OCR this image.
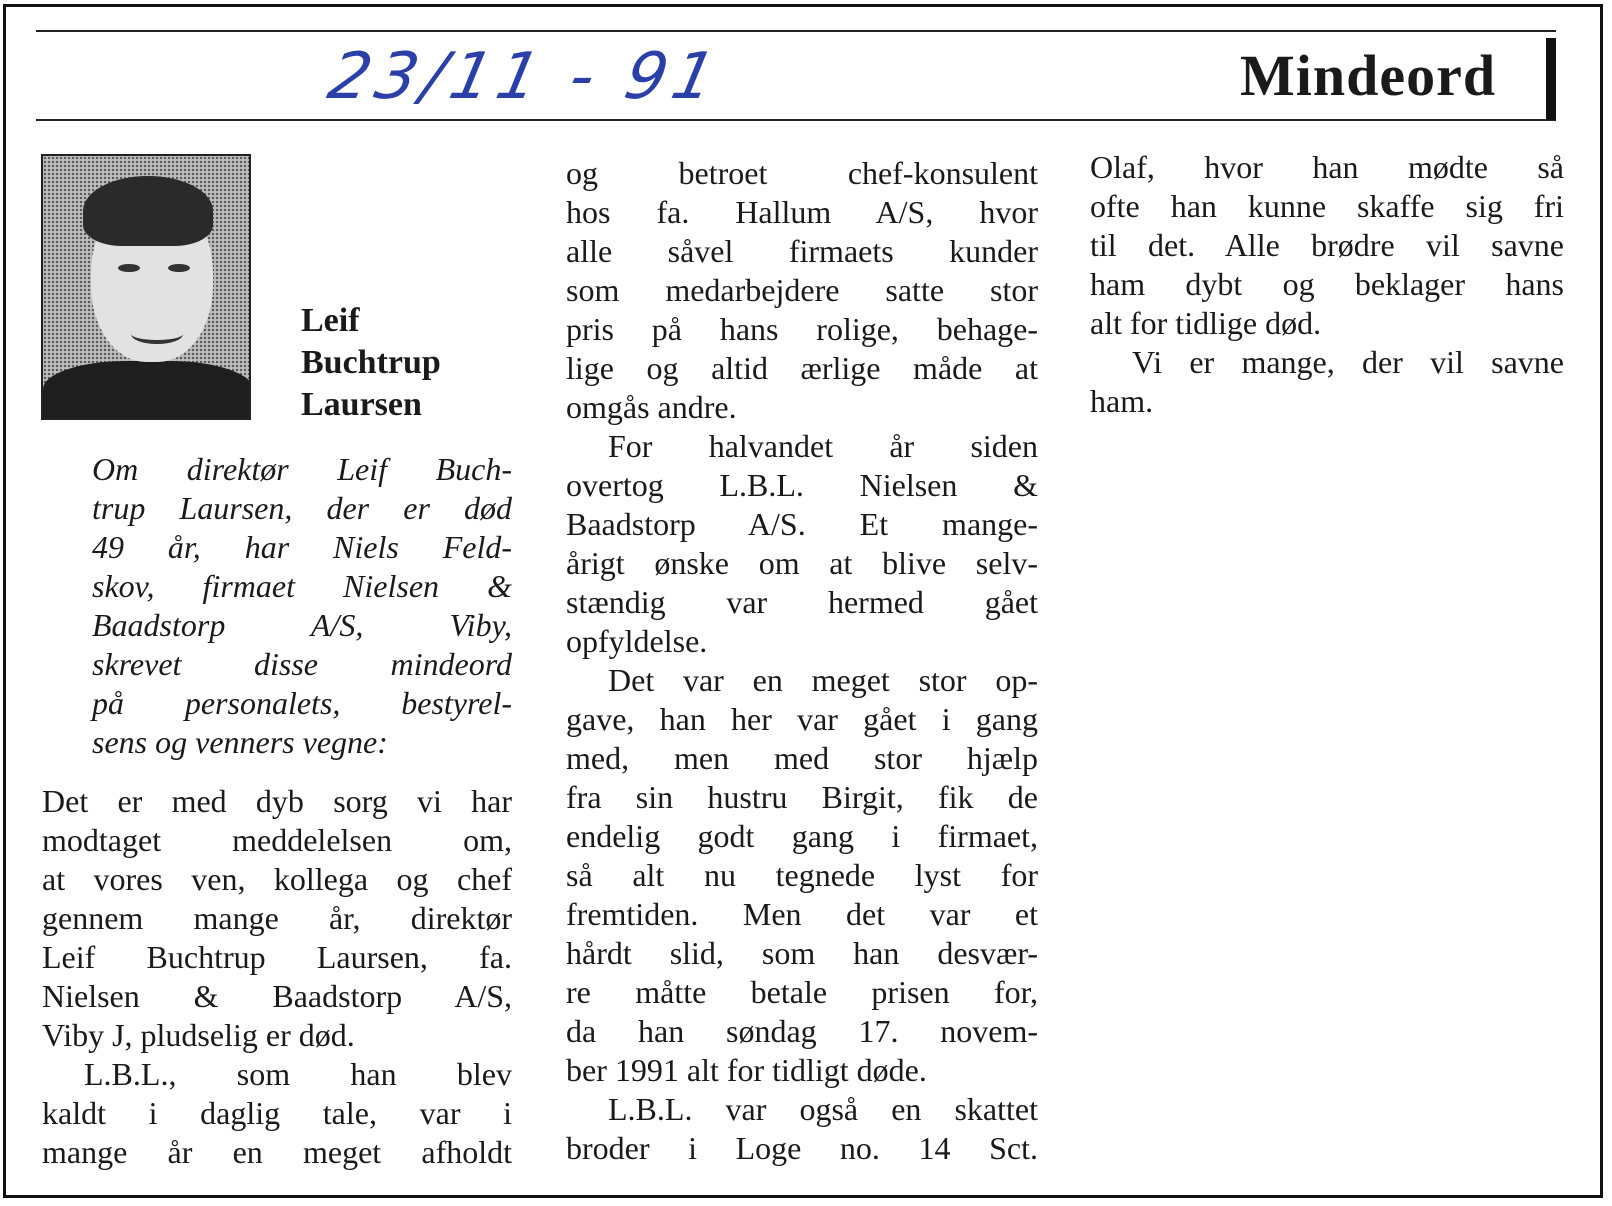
23/11 - 91	Mindeord
Leif
Buchtrup
Laursen
Om direktør Leif Buch-
trup Laursen, der er død
49 år, har Niels Feld-
skov, firmaet Nielsen &
Baadstorp A/S, Viby,
skrevet disse mindeord
på personalets, bestyrel-
sens og venners vegne:
Det er med dyb sorg vi har
modtaget meddelelsen om,
at vores ven, kollega og chef
gennem mange år, direktør
Leif Buchtrup Laursen, fa.
Nielsen & Baadstorp A/S,
Viby J, pludselig er død.
L.B.L., som han blev
kaldt i daglig tale, var i
mange år en meget afholdt
og betroet chef-konsulent
hos fa. Hallum A/S, hvor
alle såvel firmaets kunder
som medarbejdere satte stor
pris på hans rolige, behage-
lige og altid ærlige måde at
omgås andre.
For halvandet år siden
overtog L.B.L. Nielsen &
Baadstorp A/S. Et mange-
årigt ønske om at blive selv-
stændig var hermed gået
opfyldelse.
Det var en meget stor op-
gave, han her var gået i gang
med, men med stor hjælp
fra sin hustru Birgit, fik de
endelig godt gang i firmaet,
så alt nu tegnede lyst for
fremtiden. Men det var et
hårdt slid, som han desvær-
re måtte betale prisen for,
da han søndag 17. novem-
ber 1991 alt for tidligt døde.
L.B.L. var også en skattet
broder i Loge no. 14 Sct.
Olaf, hvor han mødte så
ofte han kunne skaffe sig fri
til det. Alle brødre vil savne
ham dybt og beklager hans
alt for tidlige død.
Vi er mange, der vil savne
ham.
